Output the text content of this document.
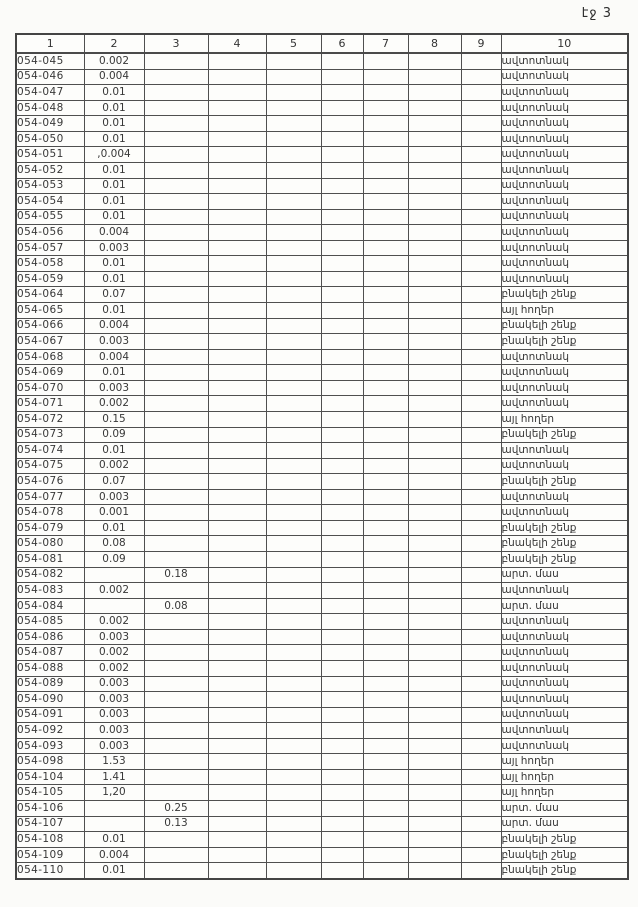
էջ 3
1	2	3	4	5	6	7	8	9	10
054-045	0.002								ավտոտնակ
054-046	0.004								ավտոտնակ
054-047	0.01								ավտոտնակ
054-048	0.01								ավտոտնակ
054-049	0.01								ավտոտնակ
054-050	0.01								ավտոտնակ
054-051	,0.004								ավտոտնակ
054-052	0.01								ավտոտնակ
054-053	0.01								ավտոտնակ
054-054	0.01								ավտոտնակ
054-055	0.01								ավտոտնակ
054-056	0.004								ավտոտնակ
054-057	0.003								ավտոտնակ
054-058	0.01								ավտոտնակ
054-059	0.01								ավտոտնակ
054-064	0.07								բնակելի շենք
054-065	0.01								այլ հողեր
054-066	0.004								բնակելի շենք
054-067	0.003								բնակելի շենք
054-068	0.004								ավտոտնակ
054-069	0.01								ավտոտնակ
054-070	0.003								ավտոտնակ
054-071	0.002								ավտոտնակ
054-072	0.15								այլ հողեր
054-073	0.09								բնակելի շենք
054-074	0.01								ավտոտնակ
054-075	0.002								ավտոտնակ
054-076	0.07								բնակելի շենք
054-077	0.003								ավտոտնակ
054-078	0.001								ավտոտնակ
054-079	0.01								բնակելի շենք
054-080	0.08								բնակելի շենք
054-081	0.09								բնակելի շենք
054-082		0.18							արտ. մաս
054-083	0.002								ավտոտնակ
054-084		0.08							արտ. մաս
054-085	0.002								ավտոտնակ
054-086	0.003								ավտոտնակ
054-087	0.002								ավտոտնակ
054-088	0.002								ավտոտնակ
054-089	0.003								ավտոտնակ
054-090	0.003								ավտոտնակ
054-091	0.003								ավտոտնակ
054-092	0.003								ավտոտնակ
054-093	0.003								ավտոտնակ
054-098	1.53								այլ հողեր
054-104	1.41								այլ հողեր
054-105	1,20								այլ հողեր
054-106		0.25							արտ. մաս
054-107		0.13							արտ. մաս
054-108	0.01								բնակելի շենք
054-109	0.004								բնակելի շենք
054-110	0.01								բնակելի շենք
